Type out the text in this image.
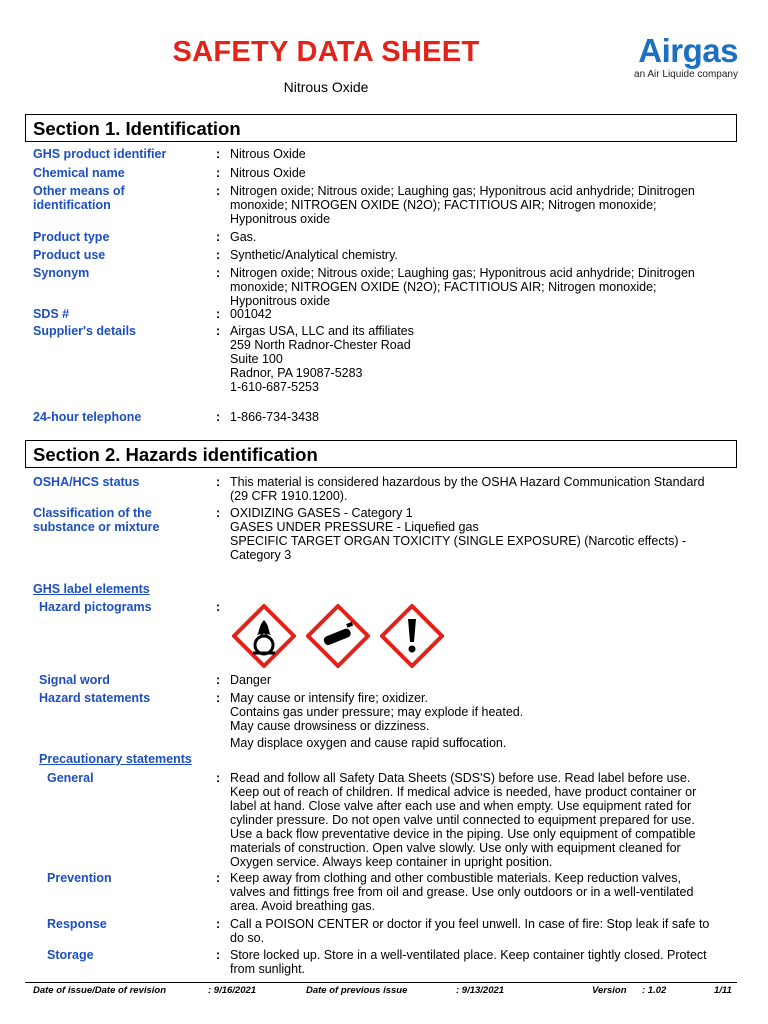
SAFETY DATA SHEET
Nitrous Oxide
Airgas
an Air Liquide company
Section 1. Identification
GHS product identifier	: Nitrous Oxide
Chemical name	: Nitrous Oxide
Other means of
identification
: Nitrogen oxide; Nitrous oxide; Laughing gas; Hyponitrous acid anhydride; Dinitrogen
monoxide; NITROGEN OXIDE (N2O); FACTITIOUS AIR; Nitrogen monoxide;
Hyponitrous oxide
Product type	: Gas.
Product use	: Synthetic/Analytical chemistry.
Synonym	: Nitrogen oxide; Nitrous oxide; Laughing gas; Hyponitrous acid anhydride; Dinitrogen
monoxide; NITROGEN OXIDE (N2O); FACTITIOUS AIR; Nitrogen monoxide;
Hyponitrous oxide
SDS #	: 001042
Supplier's details	: Airgas USA, LLC and its affiliates
259 North Radnor-Chester Road
Suite 100
Radnor, PA 19087-5283
1-610-687-5253
24-hour telephone	: 1-866-734-3438
Section 2. Hazards identification
OSHA/HCS status	: This material is considered hazardous by the OSHA Hazard Communication Standard
(29 CFR 1910.1200).
Classification of the
substance or mixture
: OXIDIZING GASES - Category 1
GASES UNDER PRESSURE - Liquefied gas
SPECIFIC TARGET ORGAN TOXICITY (SINGLE EXPOSURE) (Narcotic effects) -
Category 3
GHS label elements
Hazard pictograms	:
Signal word	: Danger
Hazard statements	: May cause or intensify fire; oxidizer.
Contains gas under pressure; may explode if heated.
May cause drowsiness or dizziness.
May displace oxygen and cause rapid suffocation.
Precautionary statements
General	: Read and follow all Safety Data Sheets (SDS'S) before use. Read label before use.
Keep out of reach of children. If medical advice is needed, have product container or
label at hand. Close valve after each use and when empty. Use equipment rated for
cylinder pressure. Do not open valve until connected to equipment prepared for use.
Use a back flow preventative device in the piping. Use only equipment of compatible
materials of construction. Open valve slowly. Use only with equipment cleaned for
Oxygen service. Always keep container in upright position.
Prevention	: Keep away from clothing and other combustible materials. Keep reduction valves,
valves and fittings free from oil and grease. Use only outdoors or in a well-ventilated
area. Avoid breathing gas.
Response	: Call a POISON CENTER or doctor if you feel unwell. In case of fire: Stop leak if safe to
do so.
Storage	: Store locked up. Store in a well-ventilated place. Keep container tightly closed. Protect
from sunlight.
Date of issue/Date of revision	: 9/16/2021	Date of previous issue	: 9/13/2021	Version : 1.02	1/11
